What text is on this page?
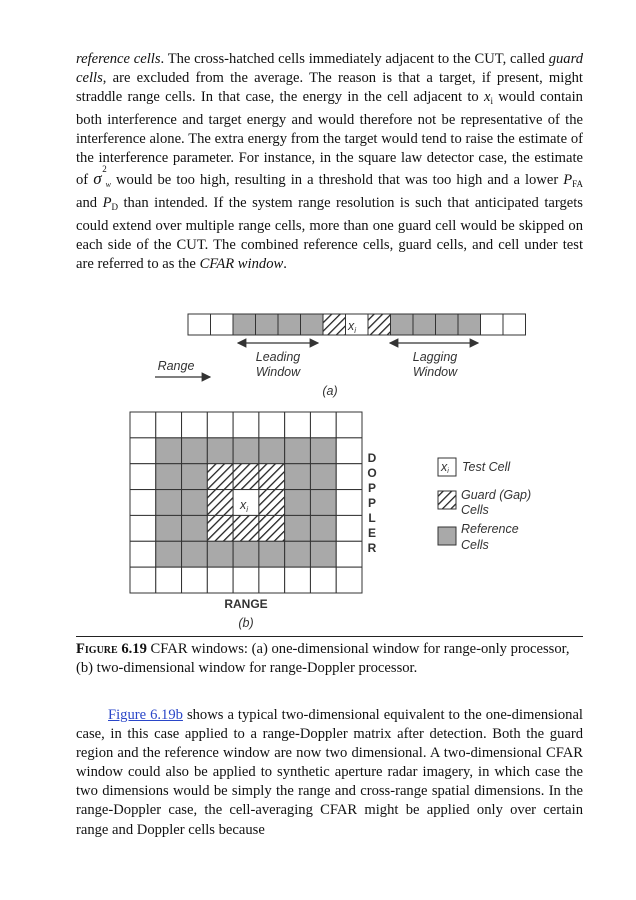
reference cells. The cross-hatched cells immediately adjacent to the CUT, called guard cells, are excluded from the average. The reason is that a target, if present, might straddle range cells. In that case, the energy in the cell adjacent to $x_i$ would contain both interference and target energy and would therefore not be representative of the interference alone. The extra energy from the target would tend to raise the estimate of the interference parameter. For instance, in the square law detector case, the estimate of σ 2
w would be too high, resulting in a threshold that was too high and a lower $P_{FA}$ and $P_D$ than intended. If the system range resolution is such that anticipated targets could extend over multiple range cells, more than one guard cell would be skipped on each side of the CUT. The combined reference cells, guard cells, and cell under test are referred to as the CFAR window.
Leading
Window
Lagging
Window
Range
(a)
D
O
P
P
L
E
R
RANGE
(b)
xi Test Cell
Guard (Gap)
Cells
Reference
Cells
$x_i$
$x_i$
Figure 6.19 CFAR windows: (a) one-dimensional window for range-only processor, (b) two-dimensional window for range-Doppler processor.
Figure 6.19b shows a typical two-dimensional equivalent to the one-dimensional case, in this case applied to a range-Doppler matrix after detection. Both the guard region and the reference window are now two dimensional. A two-dimensional CFAR window could also be applied to synthetic aperture radar imagery, in which case the two dimensions would be simply the range and cross-range spatial dimensions. In the range-Doppler case, the cell-averaging CFAR might be applied only over certain range and Doppler cells because
